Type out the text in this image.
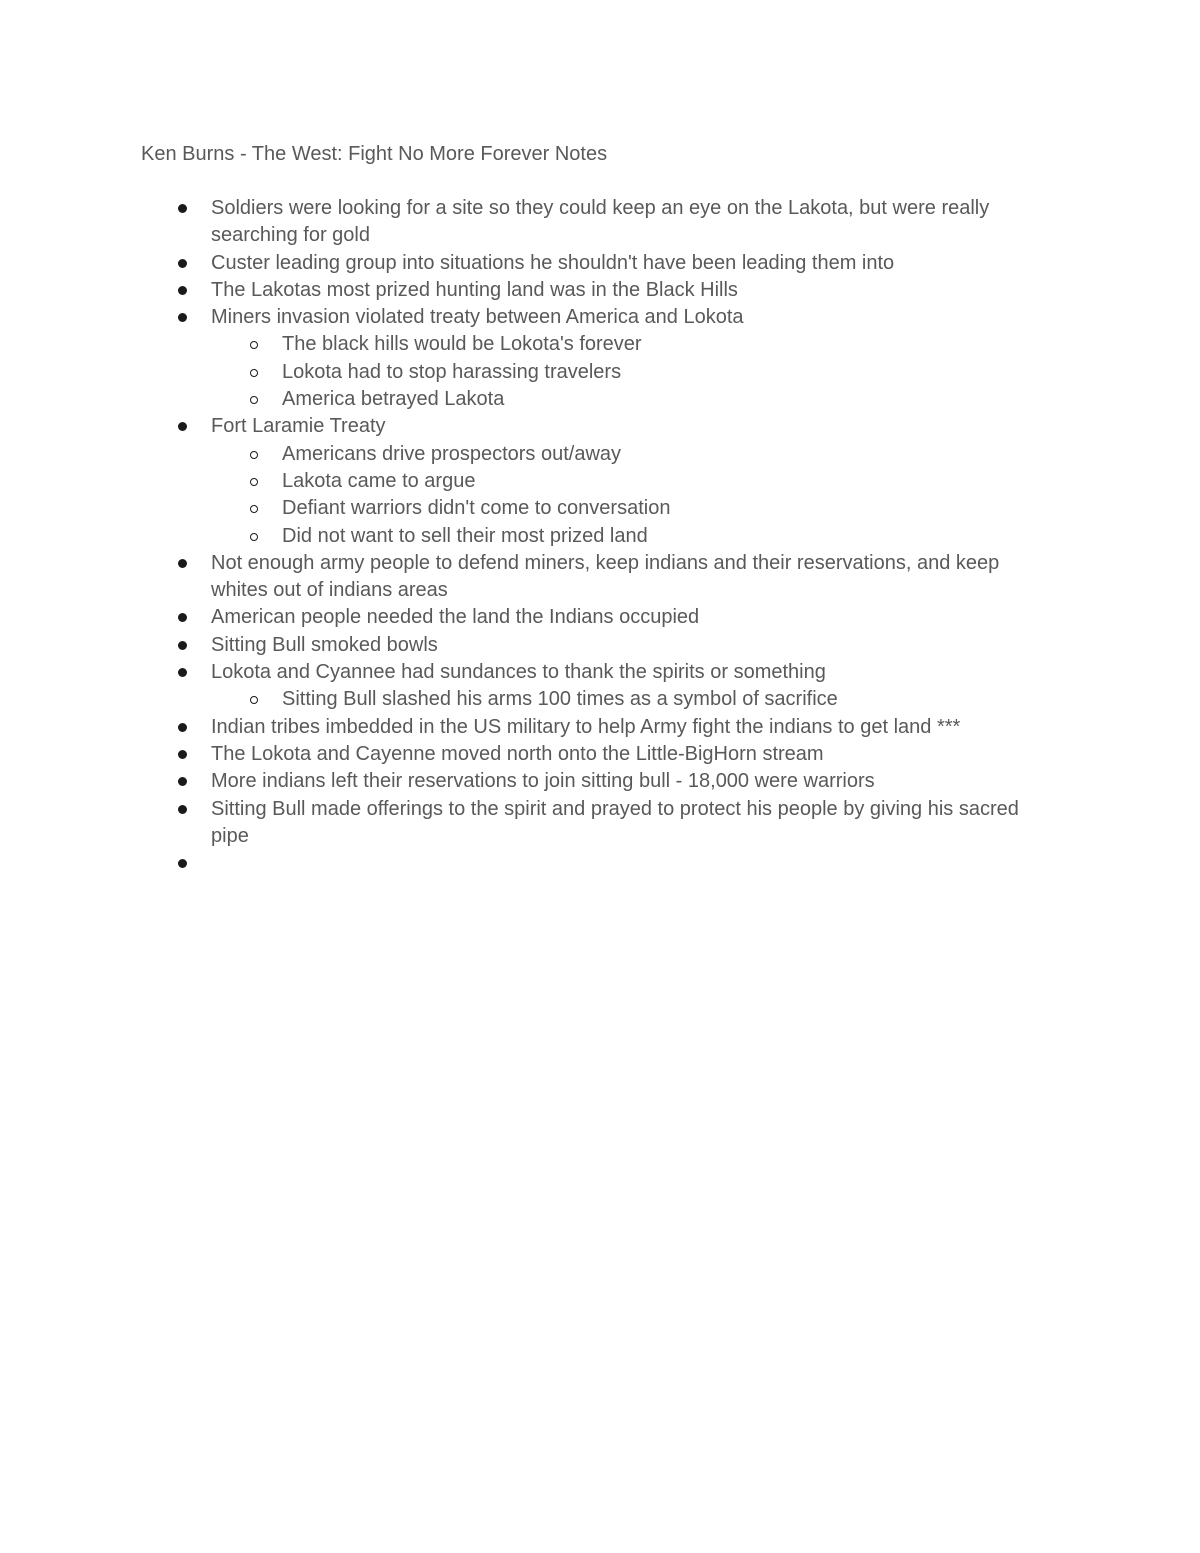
Ken Burns - The West: Fight No More Forever Notes
Soldiers were looking for a site so they could keep an eye on the Lakota, but were really searching for gold
Custer leading group into situations he shouldn't have been leading them into
The Lakotas most prized hunting land was in the Black Hills
Miners invasion violated treaty between America and Lokota
The black hills would be Lokota's forever
Lokota had to stop harassing travelers
America betrayed Lakota
Fort Laramie Treaty
Americans drive prospectors out/away
Lakota came to argue
Defiant warriors didn't come to conversation
Did not want to sell their most prized land
Not enough army people to defend miners, keep indians and their reservations, and keep whites out of indians areas
American people needed the land the Indians occupied
Sitting Bull smoked bowls
Lokota and Cyannee had sundances to thank the spirits or something
Sitting Bull slashed his arms 100 times as a symbol of sacrifice
Indian tribes imbedded in the US military to help Army fight the indians to get land ***
The Lokota and Cayenne moved north onto the Little-BigHorn stream
More indians left their reservations to join sitting bull - 18,000 were warriors
Sitting Bull made offerings to the spirit and prayed to protect his people by giving his sacred pipe
